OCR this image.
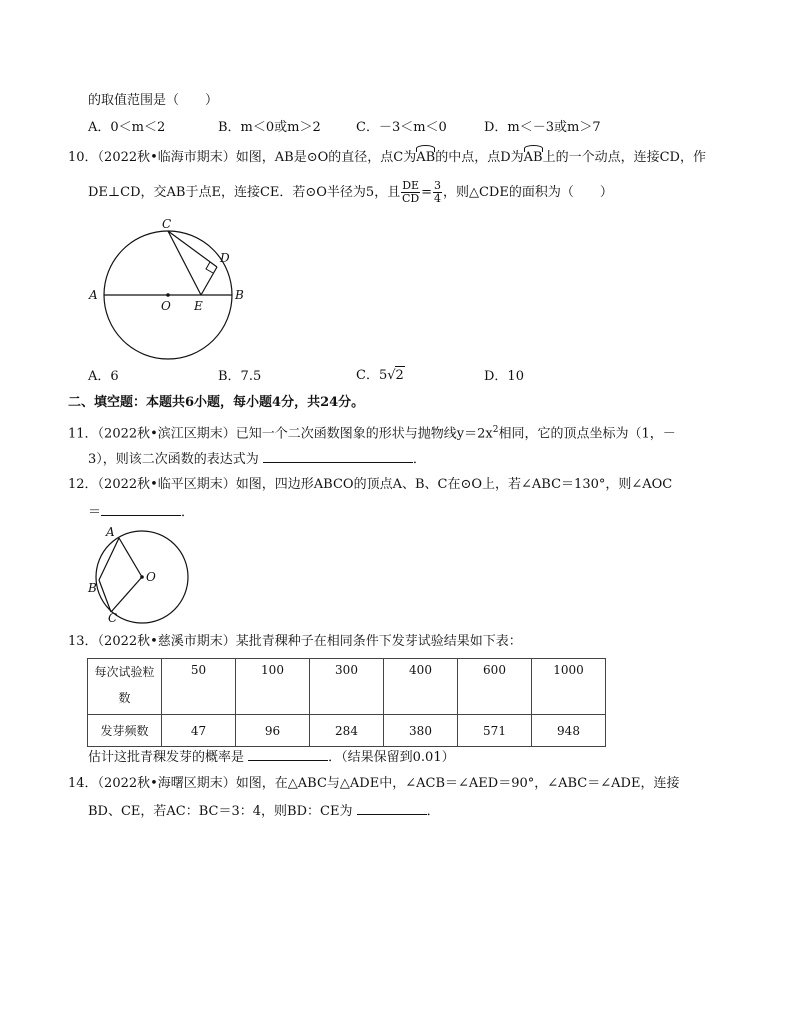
的取值范围是（　　）
A．0＜m＜2	B．m＜0或m＞2	C．－3＜m＜0	D．m＜－3或m＞7
10．（2022秋•临海市期末）如图，AB是⊙O的直径，点C为AB的中点，点D为AB上的一个动点，连接CD，作
DE⊥CD，交AB于点E，连接CE．若⊙O半径为5，且 $\frac{DE}{CD} = \frac{3}{4}$ ，则△CDE的面积为（　　）
A	B
C
D
E
O
A．6	B．7.5	C．5√2	D．10
二、填空题：本题共6小题，每小题4分，共24分。
11．（2022秋•滨江区期末）已知一个二次函数图象的形状与抛物线$y=2x^2$相同，它的顶点坐标为（1，－
3），则该二次函数的表达式为	．
12．（2022秋•临平区期末）如图，四边形ABCO的顶点A、B、C在⊙O上，若∠ABC＝130°，则∠AOC
＝	．
A
B
C
O
13．（2022秋•慈溪市期末）某批青稞种子在相同条件下发芽试验结果如下表：
每次试验粒
数	50	100	300	400	600	1000

发芽频数	47	96	284	380	571	948
估计这批青稞发芽的概率是	．（结果保留到0.01）
14．（2022秋•海曙区期末）如图，在△ABC与△ADE中，∠ACB＝∠AED＝90°，∠ABC＝∠ADE，连接
BD、CE，若AC：BC＝3：4，则BD：CE为	．
